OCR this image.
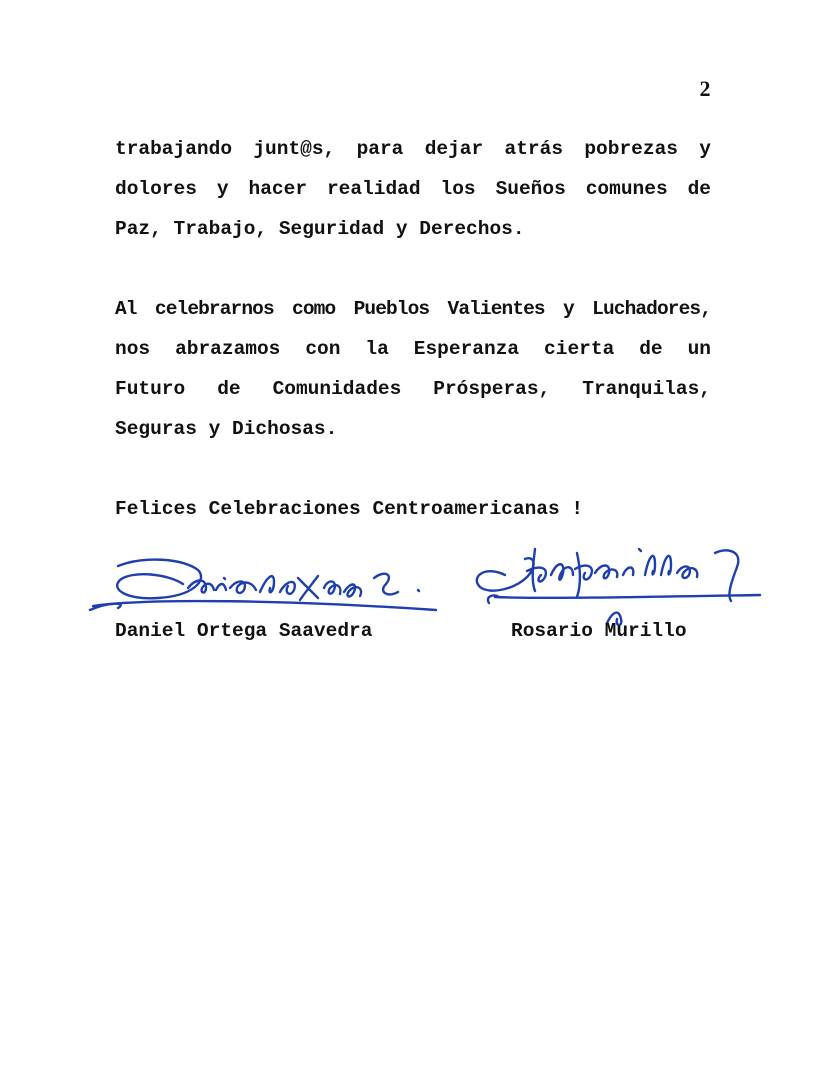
2
trabajando junt@s, para dejar atrás pobrezas y
dolores y hacer realidad los Sueños comunes de
Paz, Trabajo, Seguridad y Derechos.
Al celebrarnos como Pueblos Valientes y Luchadores,
nos abrazamos con la Esperanza cierta de un
Futuro de Comunidades Prósperas, Tranquilas,
Seguras y Dichosas.
Felices Celebraciones Centroamericanas !
Daniel Ortega Saavedra	Rosario Murillo
